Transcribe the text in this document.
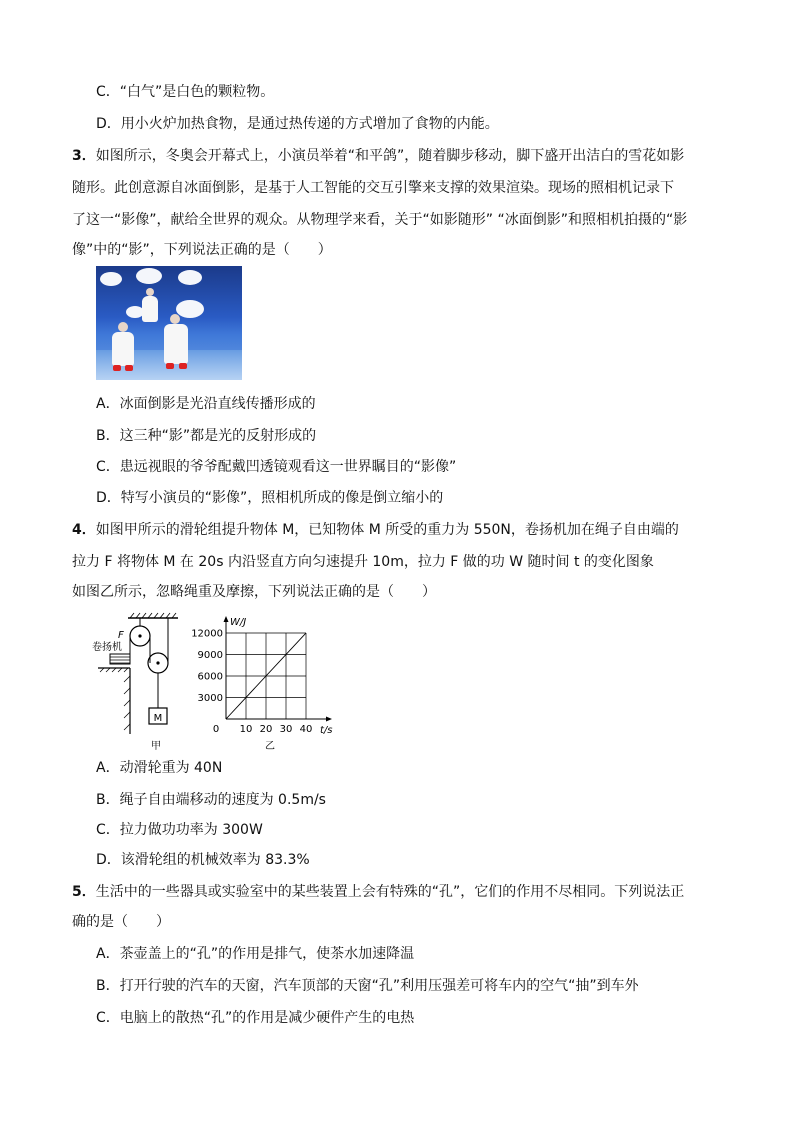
C．“白气”是白色的颗粒物。
D．用小火炉加热食物，是通过热传递的方式增加了食物的内能。
3．如图所示，冬奥会开幕式上，小演员举着“和平鸽”，随着脚步移动，脚下盛开出洁白的雪花如影
随形。此创意源自冰面倒影，是基于人工智能的交互引擎来支撑的效果渲染。现场的照相机记录下
了这一“影像”，献给全世界的观众。从物理学来看，关于“如影随形” “冰面倒影”和照相机拍摄的“影
像”中的“影”，下列说法正确的是（　　）
A．冰面倒影是光沿直线传播形成的
B．这三种“影”都是光的反射形成的
C．患远视眼的爷爷配戴凹透镜观看这一世界瞩目的“影像”
D．特写小演员的“影像”，照相机所成的像是倒立缩小的
4．如图甲所示的滑轮组提升物体 M，已知物体 M 所受的重力为 550N，卷扬机加在绳子自由端的
拉力 F 将物体 M 在 20s 内沿竖直方向匀速提升 10m，拉力 F 做的功 W 随时间 t 的变化图象
如图乙所示，忽略绳重及摩擦，下列说法正确的是（　　）
M
F
卷扬机
甲
0 10 20 30 40
3000
6000
9000
12000
W/J
t/s
乙
A．动滑轮重为 40N
B．绳子自由端移动的速度为 0.5m/s
C．拉力做功功率为 300W
D．该滑轮组的机械效率为 83.3%
5．生活中的一些器具或实验室中的某些装置上会有特殊的“孔”，它们的作用不尽相同。下列说法正
确的是（　　）
A．茶壶盖上的“孔”的作用是排气，使茶水加速降温
B．打开行驶的汽车的天窗，汽车顶部的天窗“孔”利用压强差可将车内的空气“抽”到车外
C．电脑上的散热“孔”的作用是减少硬件产生的电热
